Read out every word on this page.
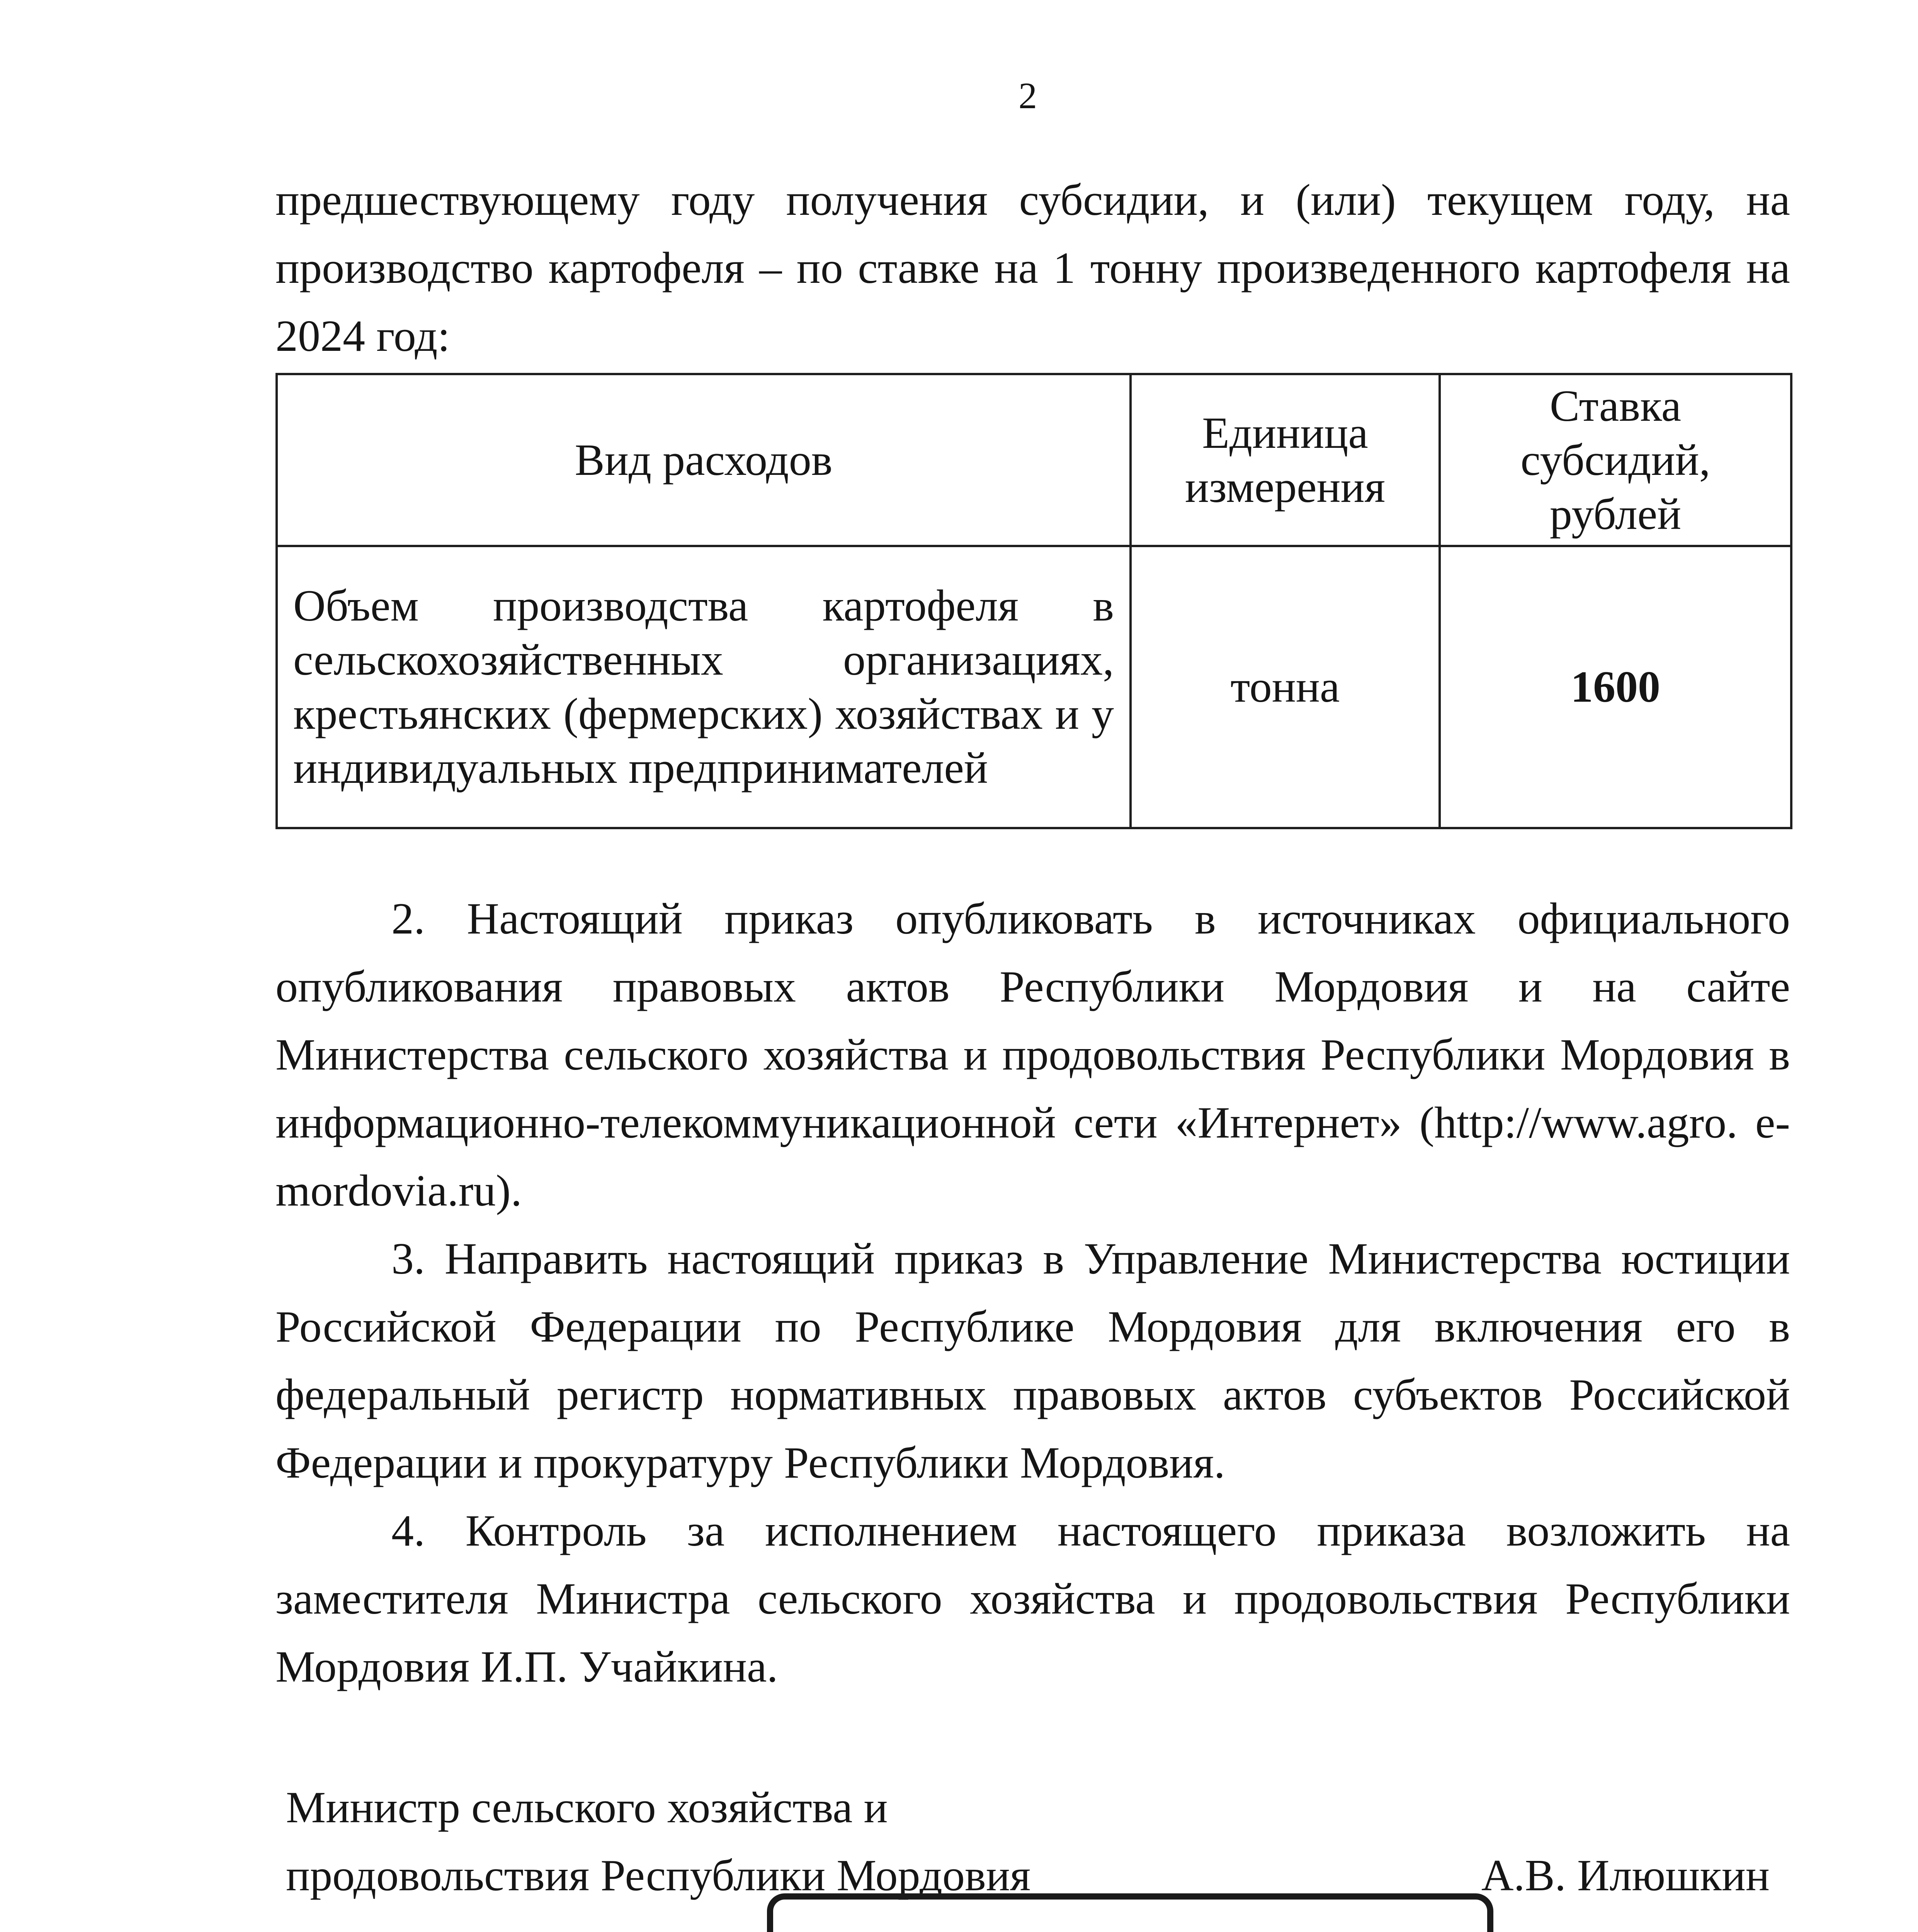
2

предшествующему году получения субсидии, и (или) текущем году, на производство картофеля – по ставке на 1 тонну произведенного картофеля на 2024 год:

Вид расходов	Единица измерения	Ставка субсидий, рублей
Объем производства картофеля в сельскохозяйственных организациях, крестьянских (фермерских) хозяйствах и у индивидуальных предпринимателей	тонна	1600

2. Настоящий приказ опубликовать в источниках официального опубликования правовых актов Республики Мордовия и на сайте Министерства сельского хозяйства и продовольствия Республики Мордовия в информационно-телекоммуникационной сети «Интернет» (http://www.agro. e-mordovia.ru).

3. Направить настоящий приказ в Управление Министерства юстиции Российской Федерации по Республике Мордовия для включения его в федеральный регистр нормативных правовых актов субъектов Российской Федерации и прокуратуру Республики Мордовия.

4. Контроль за исполнением настоящего приказа возложить на заместителя Министра сельского хозяйства и продовольствия Республики Мордовия И.П. Учайкина.

Министр сельского хозяйства и
продовольствия Республики Мордовия	А.В. Илюшкин
